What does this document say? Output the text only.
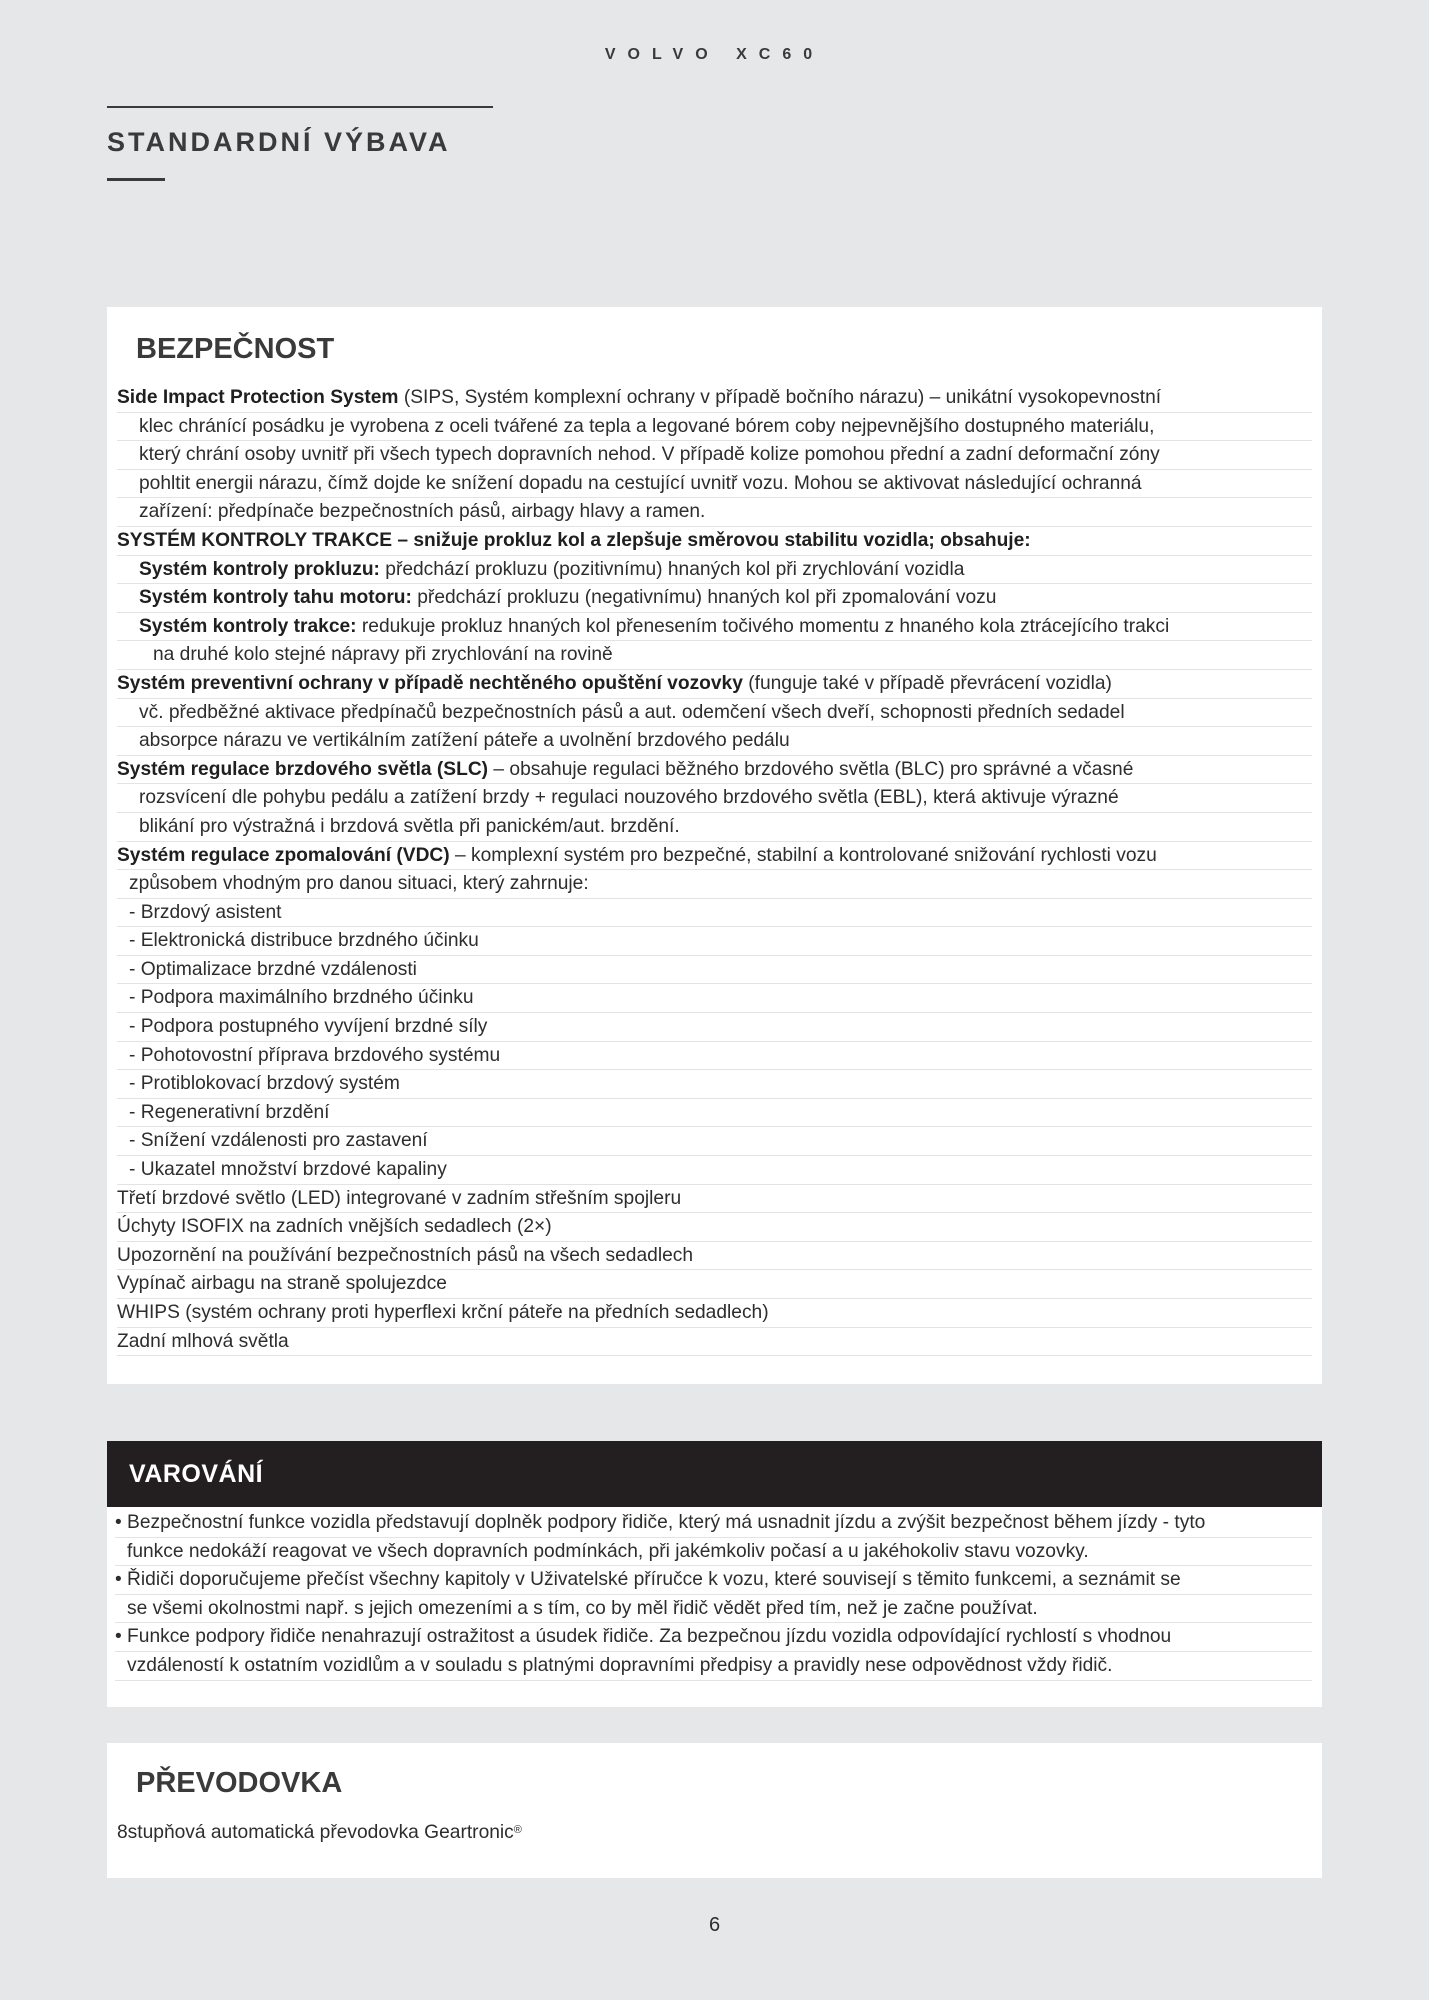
VOLVO XC60
STANDARDNÍ VÝBAVA
BEZPEČNOST
Side Impact Protection System (SIPS, Systém komplexní ochrany v případě bočního nárazu) – unikátní vysokopevnostní
klec chránící posádku je vyrobena z oceli tvářené za tepla a legované bórem coby nejpevnějšího dostupného materiálu,
který chrání osoby uvnitř při všech typech dopravních nehod. V případě kolize pomohou přední a zadní deformační zóny
pohltit energii nárazu, čímž dojde ke snížení dopadu na cestující uvnitř vozu. Mohou se aktivovat následující ochranná
zařízení: předpínače bezpečnostních pásů, airbagy hlavy a ramen.
SYSTÉM KONTROLY TRAKCE – snižuje prokluz kol a zlepšuje směrovou stabilitu vozidla; obsahuje:
Systém kontroly prokluzu: předchází prokluzu (pozitivnímu) hnaných kol při zrychlování vozidla
Systém kontroly tahu motoru: předchází prokluzu (negativnímu) hnaných kol při zpomalování vozu
Systém kontroly trakce: redukuje prokluz hnaných kol přenesením točivého momentu z hnaného kola ztrácejícího trakci
na druhé kolo stejné nápravy při zrychlování na rovině
Systém preventivní ochrany v případě nechtěného opuštění vozovky (funguje také v případě převrácení vozidla)
vč. předběžné aktivace předpínačů bezpečnostních pásů a aut. odemčení všech dveří, schopnosti předních sedadel
absorpce nárazu ve vertikálním zatížení páteře a uvolnění brzdového pedálu
Systém regulace brzdového světla (SLC) – obsahuje regulaci běžného brzdového světla (BLC) pro správné a včasné
rozsvícení dle pohybu pedálu a zatížení brzdy + regulaci nouzového brzdového světla (EBL), která aktivuje výrazné
blikání pro výstražná i brzdová světla při panickém/aut. brzdění.
Systém regulace zpomalování (VDC) – komplexní systém pro bezpečné, stabilní a kontrolované snižování rychlosti vozu
způsobem vhodným pro danou situaci, který zahrnuje:
- Brzdový asistent
- Elektronická distribuce brzdného účinku
- Optimalizace brzdné vzdálenosti
- Podpora maximálního brzdného účinku
- Podpora postupného vyvíjení brzdné síly
- Pohotovostní příprava brzdového systému
- Protiblokovací brzdový systém
- Regenerativní brzdění
- Snížení vzdálenosti pro zastavení
- Ukazatel množství brzdové kapaliny
Třetí brzdové světlo (LED) integrované v zadním střešním spojleru
Úchyty ISOFIX na zadních vnějších sedadlech (2×)
Upozornění na používání bezpečnostních pásů na všech sedadlech
Vypínač airbagu na straně spolujezdce
WHIPS (systém ochrany proti hyperflexi krční páteře na předních sedadlech)
Zadní mlhová světla
VAROVÁNÍ
• Bezpečnostní funkce vozidla představují doplněk podpory řidiče, který má usnadnit jízdu a zvýšit bezpečnost během jízdy - tyto
funkce nedokáží reagovat ve všech dopravních podmínkách, při jakémkoliv počasí a u jakéhokoliv stavu vozovky.
• Řidiči doporučujeme přečíst všechny kapitoly v Uživatelské příručce k vozu, které souvisejí s těmito funkcemi, a seznámit se
se všemi okolnostmi např. s jejich omezeními a s tím, co by měl řidič vědět před tím, než je začne používat.
• Funkce podpory řidiče nenahrazují ostražitost a úsudek řidiče. Za bezpečnou jízdu vozidla odpovídající rychlostí s vhodnou
vzdáleností k ostatním vozidlům a v souladu s platnými dopravními předpisy a pravidly nese odpovědnost vždy řidič.
PŘEVODOVKA
8stupňová automatická převodovka Geartronic®
6
